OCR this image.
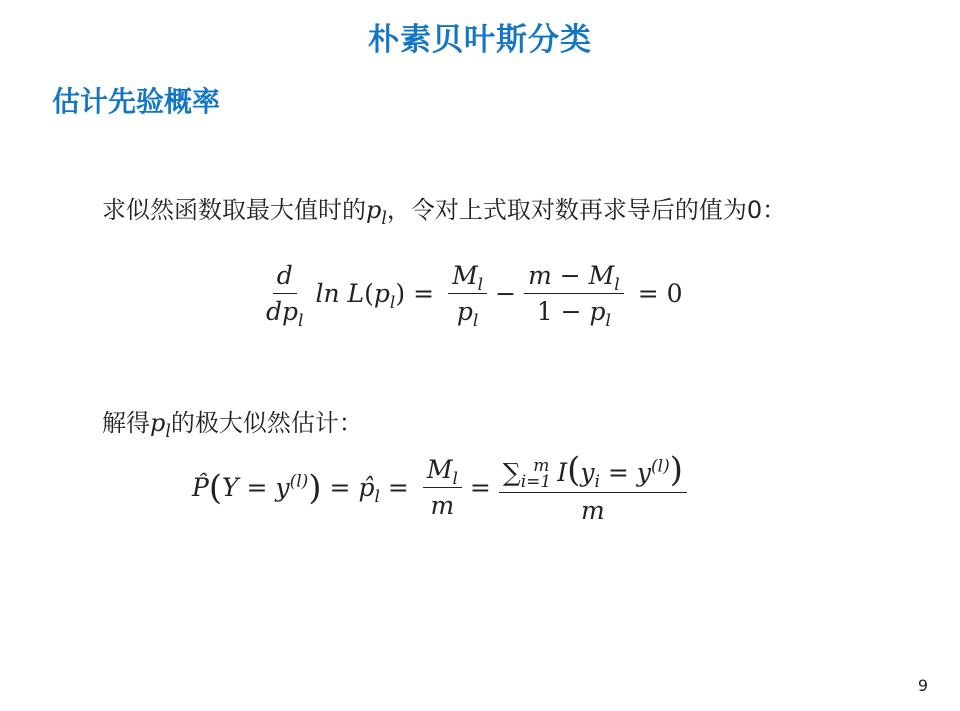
朴素贝叶斯分类
估计先验概率
求似然函数取最大值时的$p_l$，令对上式取对数再求导后的值为0：
$\frac{d}{dp_l}$ ln
L ( $p_l$ ) = $\frac{M_l}{p_l} - \frac{m - M_l}{1 - p_l} = 0$
解得$p_l$的极大似然估计：
P̂ ( $Y = y^{(l)}$ ) = $p̂_l = \frac{M_l}{m} = \frac{\sum_{i=1}^m I(y_i = y^{(l)})}{m}$
9
